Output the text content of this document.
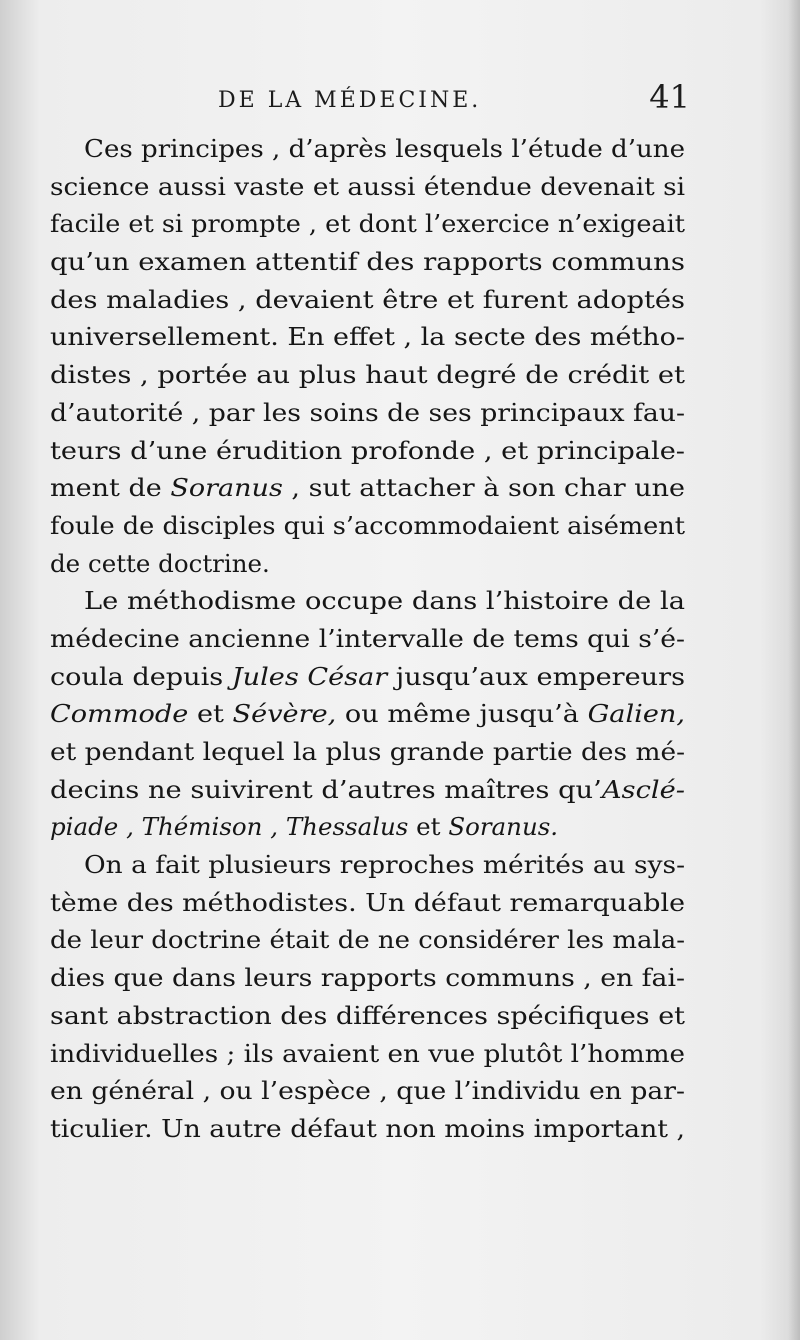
DE LA MÉDECINE.	41
Ces principes , d’après lesquels l’étude d’une
science aussi vaste et aussi étendue devenait si
facile et si prompte , et dont l’exercice n’exigeait
qu’un examen attentif des rapports communs
des maladies , devaient être et furent adoptés
universellement. En effet , la secte des métho-
distes , portée au plus haut degré de crédit et
d’autorité , par les soins de ses principaux fau-
teurs d’une érudition profonde , et principale-
ment de Soranus , sut attacher à son char une
foule de disciples qui s’accommodaient aisément
de cette doctrine.
Le méthodisme occupe dans l’histoire de la
médecine ancienne l’intervalle de tems qui s’é-
coula depuis Jules César jusqu’aux empereurs
Commode et Sévère, ou même jusqu’à Galien,
et pendant lequel la plus grande partie des mé-
decins ne suivirent d’autres maîtres qu’Asclé-
piade , Thémison , Thessalus et Soranus.
On a fait plusieurs reproches mérités au sys-
tème des méthodistes. Un défaut remarquable
de leur doctrine était de ne considérer les mala-
dies que dans leurs rapports communs , en fai-
sant abstraction des différences spécifiques et
individuelles ; ils avaient en vue plutôt l’homme
en général , ou l’espèce , que l’individu en par-
ticulier. Un autre défaut non moins important ,
